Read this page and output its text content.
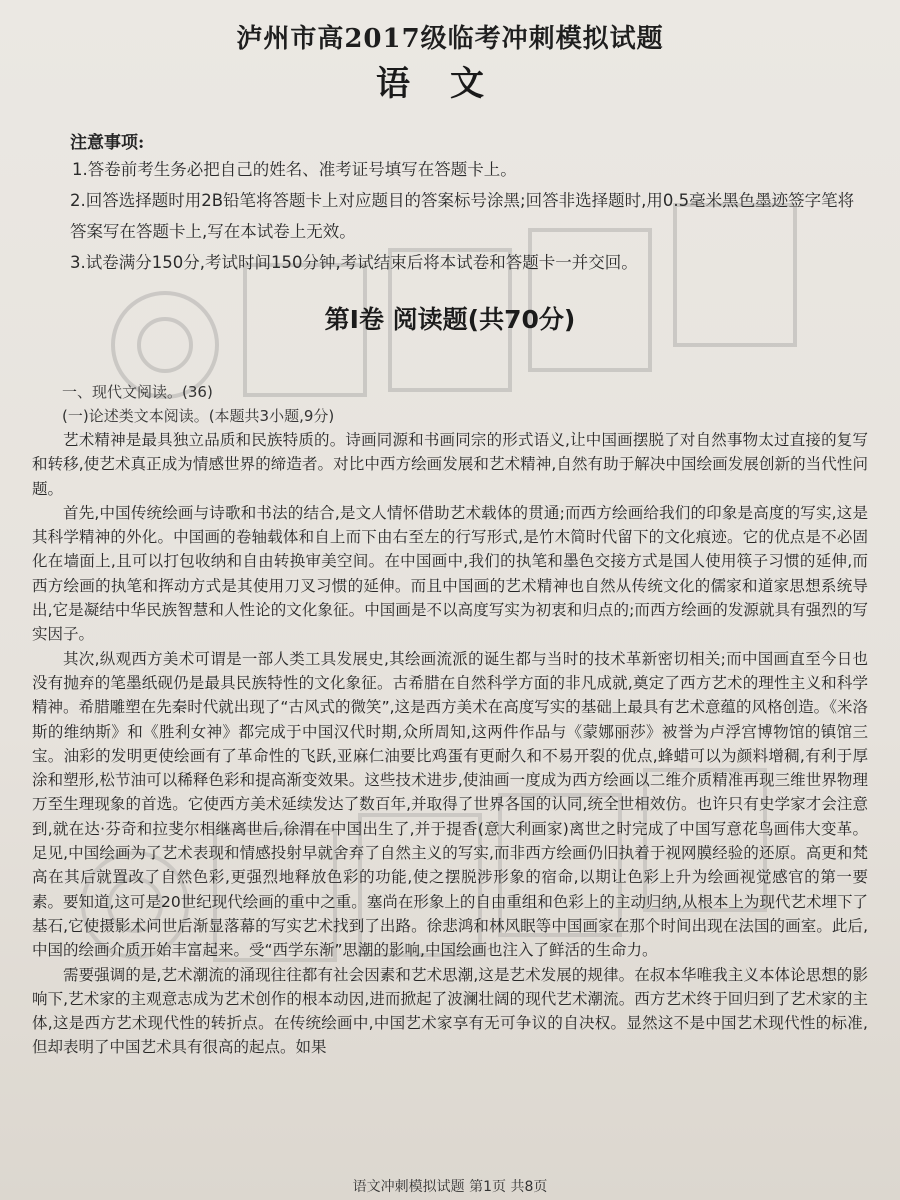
泸州市高2017级临考冲刺模拟试题
语文
注意事项:

1.答卷前考生务必把自己的姓名、准考证号填写在答题卡上。

2.回答选择题时用2B铅笔将答题卡上对应题目的答案标号涂黑;回答非选择题时,用0.5毫米黑色墨迹签字笔将答案写在答题卡上,写在本试卷上无效。

3.试卷满分150分,考试时间150分钟,考试结束后将本试卷和答题卡一并交回。

第Ⅰ卷 阅读题(共70分)
一、现代文阅读。(36)
(一)论述类文本阅读。(本题共3小题,9分)

艺术精神是最具独立品质和民族特质的。诗画同源和书画同宗的形式语义,让中国画摆脱了对自然事物太过直接的复写和转移,使艺术真正成为情感世界的缔造者。对比中西方绘画发展和艺术精神,自然有助于解决中国绘画发展创新的当代性问题。

首先,中国传统绘画与诗歌和书法的结合,是文人情怀借助艺术载体的贯通;而西方绘画给我们的印象是高度的写实,这是其科学精神的外化。中国画的卷轴载体和自上而下由右至左的行写形式,是竹木简时代留下的文化痕迹。它的优点是不必固化在墙面上,且可以打包收纳和自由转换审美空间。在中国画中,我们的执笔和墨色交接方式是国人使用筷子习惯的延伸,而西方绘画的执笔和挥动方式是其使用刀叉习惯的延伸。而且中国画的艺术精神也自然从传统文化的儒家和道家思想系统导出,它是凝结中华民族智慧和人性论的文化象征。中国画是不以高度写实为初衷和归点的;而西方绘画的发源就具有强烈的写实因子。

其次,纵观西方美术可谓是一部人类工具发展史,其绘画流派的诞生都与当时的技术革新密切相关;而中国画直至今日也没有抛弃的笔墨纸砚仍是最具民族特性的文化象征。古希腊在自然科学方面的非凡成就,奠定了西方艺术的理性主义和科学精神。希腊雕塑在先秦时代就出现了“古风式的微笑”,这是西方美术在高度写实的基础上最具有艺术意蕴的风格创造。《米洛斯的维纳斯》和《胜利女神》都完成于中国汉代时期,众所周知,这两件作品与《蒙娜丽莎》被誉为卢浮宫博物馆的镇馆三宝。油彩的发明更使绘画有了革命性的飞跃,亚麻仁油要比鸡蛋有更耐久和不易开裂的优点,蜂蜡可以为颜料增稠,有利于厚涂和塑形,松节油可以稀释色彩和提高渐变效果。这些技术进步,使油画一度成为西方绘画以二维介质精准再现三维世界物理万至生理现象的首选。它使西方美术延续发达了数百年,并取得了世界各国的认同,统全世相效仿。也许只有史学家才会注意到,就在达·芬奇和拉斐尔相继离世后,徐渭在中国出生了,并于提香(意大利画家)离世之时完成了中国写意花鸟画伟大变革。足见,中国绘画为了艺术表现和情感投射早就舍弃了自然主义的写实,而非西方绘画仍旧执着于视网膜经验的还原。高更和梵高在其后就置改了自然色彩,更强烈地释放色彩的功能,使之摆脱涉形象的宿命,以期让色彩上升为绘画视觉感官的第一要素。要知道,这可是20世纪现代绘画的重中之重。塞尚在形象上的自由重组和色彩上的主动归纳,从根本上为现代艺术埋下了基石,它使摄影术问世后渐显落幕的写实艺术找到了出路。徐悲鸿和林风眠等中国画家在那个时间出现在法国的画室。此后,中国的绘画介质开始丰富起来。受“西学东渐”思潮的影响,中国绘画也注入了鲜活的生命力。

需要强调的是,艺术潮流的涌现往往都有社会因素和艺术思潮,这是艺术发展的规律。在叔本华唯我主义本体论思想的影响下,艺术家的主观意志成为艺术创作的根本动因,进而掀起了波澜壮阔的现代艺术潮流。西方艺术终于回归到了艺术家的主体,这是西方艺术现代性的转折点。在传统绘画中,中国艺术家享有无可争议的自决权。显然这不是中国艺术现代性的标准,但却表明了中国艺术具有很高的起点。如果

语文冲刺模拟试题 第1页 共8页
